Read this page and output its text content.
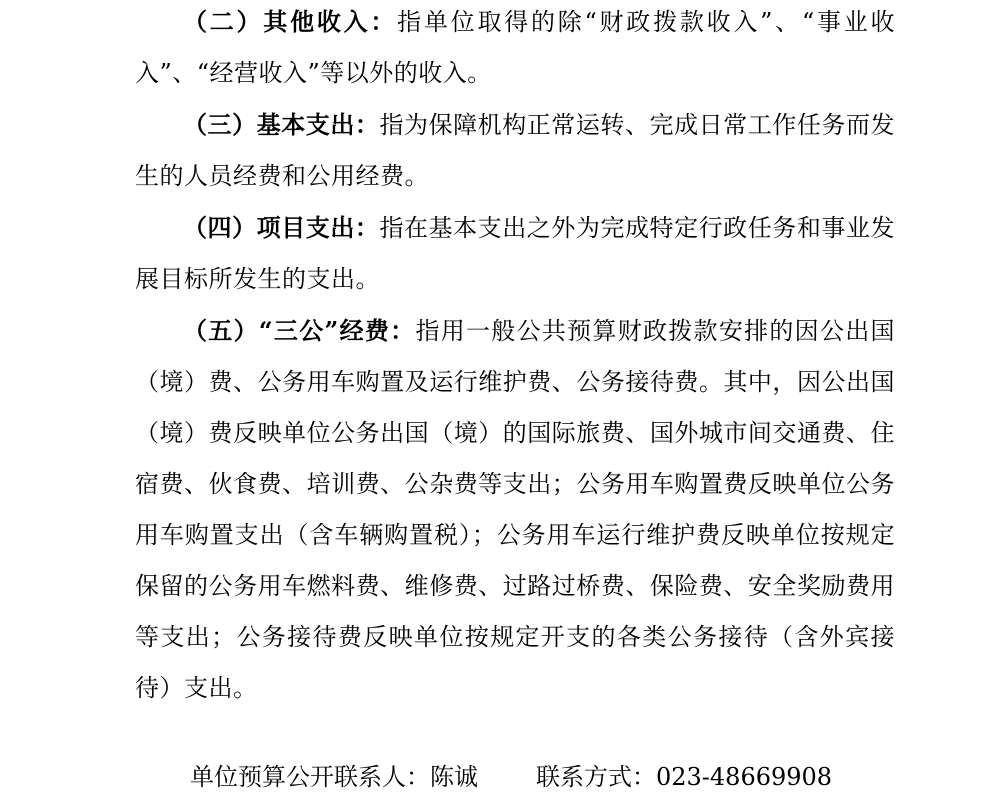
（二）其他收入：指单位取得的除“财政拨款收入”、“事业收入”、“经营收入”等以外的收入。

（三）基本支出：指为保障机构正常运转、完成日常工作任务而发生的人员经费和公用经费。

（四）项目支出：指在基本支出之外为完成特定行政任务和事业发展目标所发生的支出。

（五）“三公”经费：指用一般公共预算财政拨款安排的因公出国（境）费、公务用车购置及运行维护费、公务接待费。其中，因公出国（境）费反映单位公务出国（境）的国际旅费、国外城市间交通费、住宿费、伙食费、培训费、公杂费等支出；公务用车购置费反映单位公务用车购置支出（含车辆购置税）；公务用车运行维护费反映单位按规定保留的公务用车燃料费、维修费、过路过桥费、保险费、安全奖励费用等支出；公务接待费反映单位按规定开支的各类公务接待（含外宾接待）支出。

单位预算公开联系人：陈诚 联系方式：023-48669908
